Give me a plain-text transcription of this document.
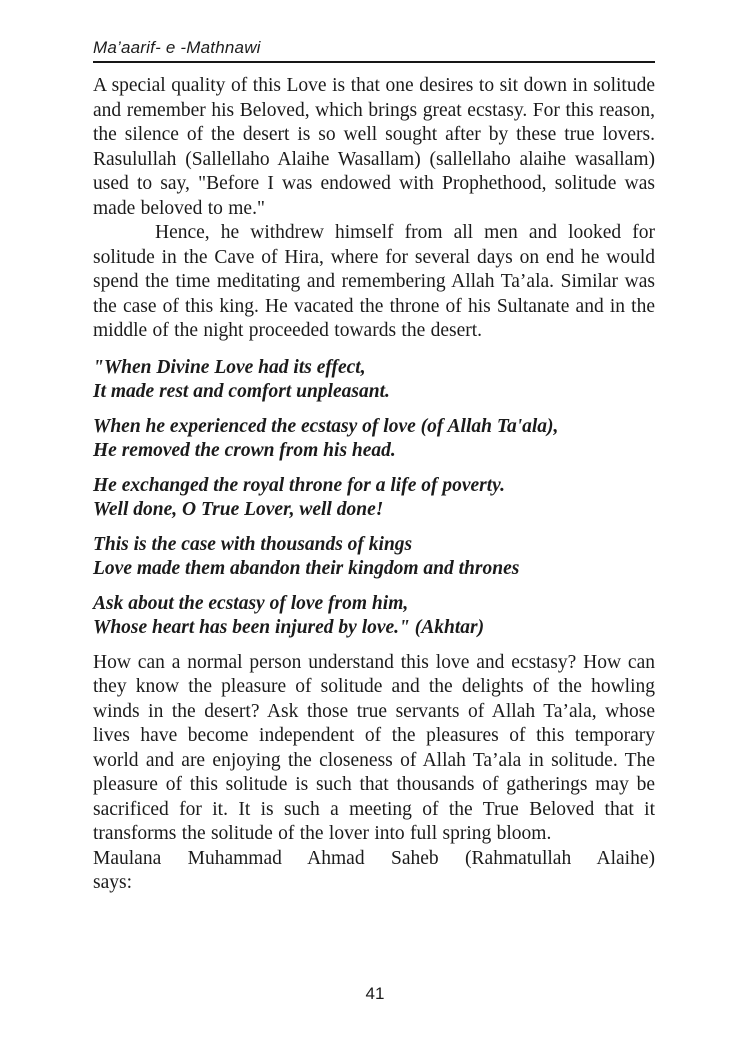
Ma’aarif- e -Mathnawi

A special quality of this Love is that one desires to sit down in solitude and remember his Beloved, which brings great ecstasy. For this reason, the silence of the desert is so well sought after by these true lovers. Rasulullah (Sallellaho Alaihe Wasallam) (sallellaho alaihe wasallam) used to say, "Before I was endowed with Prophethood, solitude was made beloved to me."

Hence, he withdrew himself from all men and looked for solitude in the Cave of Hira, where for several days on end he would spend the time meditating and remembering Allah Ta’ala. Similar was the case of this king. He vacated the throne of his Sultanate and in the middle of the night proceeded towards the desert.

"When Divine Love had its effect,
It made rest and comfort unpleasant.
When he experienced the ecstasy of love (of Allah Ta'ala),
He removed the crown from his head.
He exchanged the royal throne for a life of poverty.
Well done, O True Lover, well done!
This is the case with thousands of kings
Love made them abandon their kingdom and thrones
Ask about the ecstasy of love from him,
Whose heart has been injured by love." (Akhtar)

How can a normal person understand this love and ecstasy? How can they know the pleasure of solitude and the delights of the howling winds in the desert? Ask those true servants of Allah Ta’ala, whose lives have become independent of the pleasures of this temporary world and are enjoying the closeness of Allah Ta’ala in solitude. The pleasure of this solitude is such that thousands of gatherings may be sacrificed for it. It is such a meeting of the True Beloved that it transforms the solitude of the lover into full spring bloom.

Maulana Muhammad Ahmad Saheb (Rahmatullah Alaihe)

says:

41
